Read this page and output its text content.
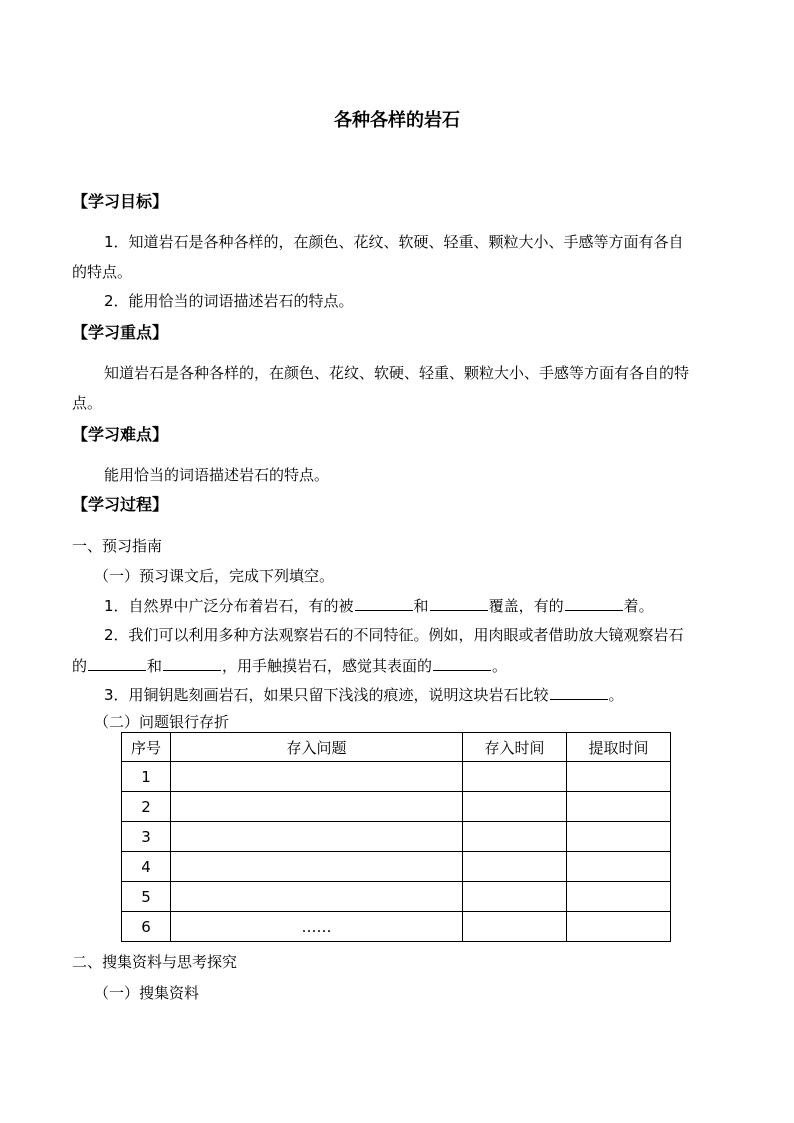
各种各样的岩石
【学习目标】
1．知道岩石是各种各样的，在颜色、花纹、软硬、轻重、颗粒大小、手感等方面有各自
的特点。
2．能用恰当的词语描述岩石的特点。
【学习重点】
知道岩石是各种各样的，在颜色、花纹、软硬、轻重、颗粒大小、手感等方面有各自的特
点。
【学习难点】
能用恰当的词语描述岩石的特点。
【学习过程】
一、预习指南
（一）预习课文后，完成下列填空。
1．自然界中广泛分布着岩石，有的被	和	覆盖，有的	着。
2．我们可以利用多种方法观察岩石的不同特征。例如，用肉眼或者借助放大镜观察岩石
的	和	，用手触摸岩石，感觉其表面的	。
3．用铜钥匙刻画岩石，如果只留下浅浅的痕迹，说明这块岩石比较	。
（二）问题银行存折
序号	存入问题	存入时间	提取时间
1			
2			
3			
4			
5			
6	……		
二、搜集资料与思考探究
（一）搜集资料
